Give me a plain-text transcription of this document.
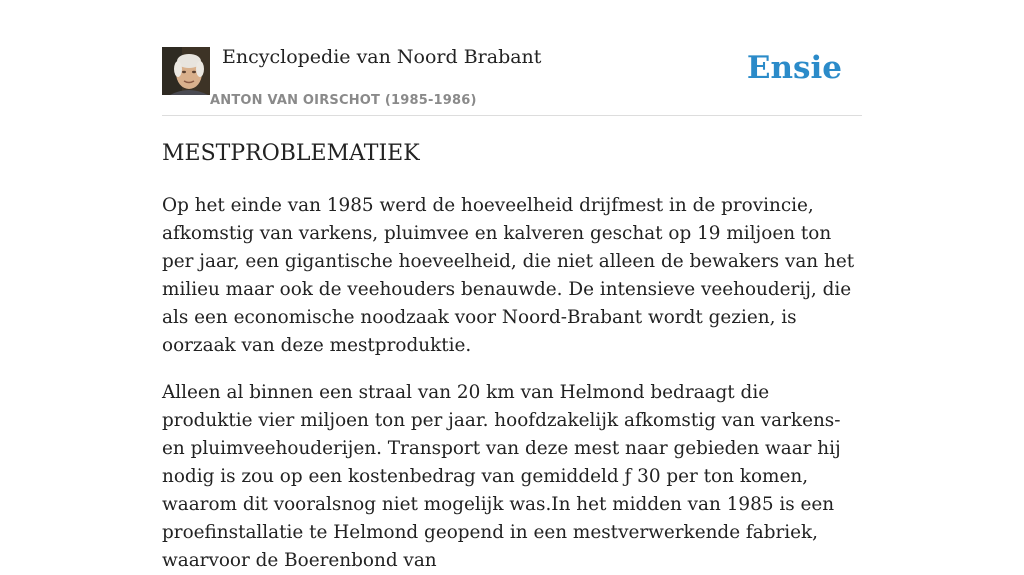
Encyclopedie van Noord Brabant
ANTON VAN OIRSCHOT (1985-1986)
Ensie
MESTPROBLEMATIEK

Op het einde van 1985 werd de hoeveelheid drijfmest in de provincie, afkomstig van varkens, pluimvee en kalveren geschat op 19 miljoen ton per jaar, een gigantische hoeveelheid, die niet alleen de bewakers van het milieu maar ook de veehouders benauwde. De intensieve veehouderij, die als een economische noodzaak voor Noord-Brabant wordt gezien, is oorzaak van deze mestproduktie.

Alleen al binnen een straal van 20 km van Helmond bedraagt die produktie vier miljoen ton per jaar. hoofdzakelijk afkomstig van varkens- en pluimveehouderijen. Transport van deze mest naar gebieden waar hij nodig is zou op een kostenbedrag van gemiddeld ƒ 30 per ton komen, waarom dit vooralsnog niet mogelijk was.In het midden van 1985 is een proefinstallatie te Helmond geopend in een mestverwerkende fabriek, waarvoor de Boerenbond van
